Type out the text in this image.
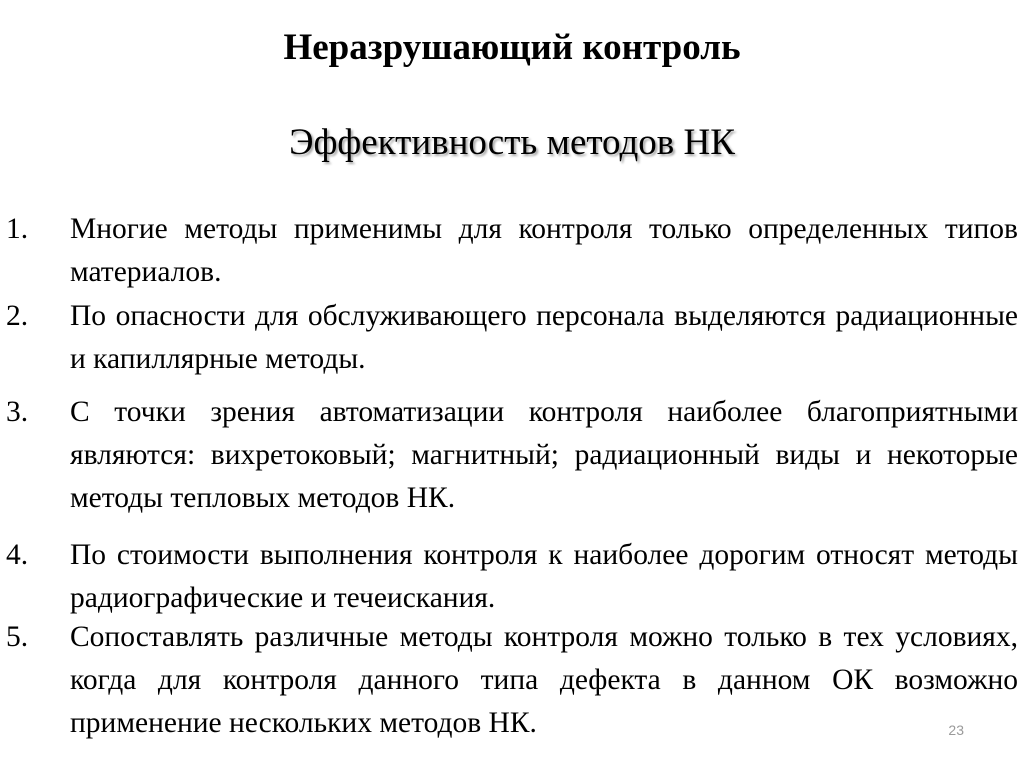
Неразрушающий контроль
Эффективность методов НК
1.	Многие методы применимы для контроля только определенных типов материалов.
2.	По опасности для обслуживающего персонала выделяются радиационные и капиллярные методы.
3.	С точки зрения автоматизации контроля наиболее благоприятными являются: вихретоковый; магнитный; радиационный виды и некоторые методы тепловых методов НК.
4.	По стоимости выполнения контроля к наиболее дорогим относят методы радиографические и течеискания.
5.	Сопоставлять различные методы контроля можно только в тех условиях, когда для контроля данного типа дефекта в данном ОК возможно применение нескольких методов НК.	23
